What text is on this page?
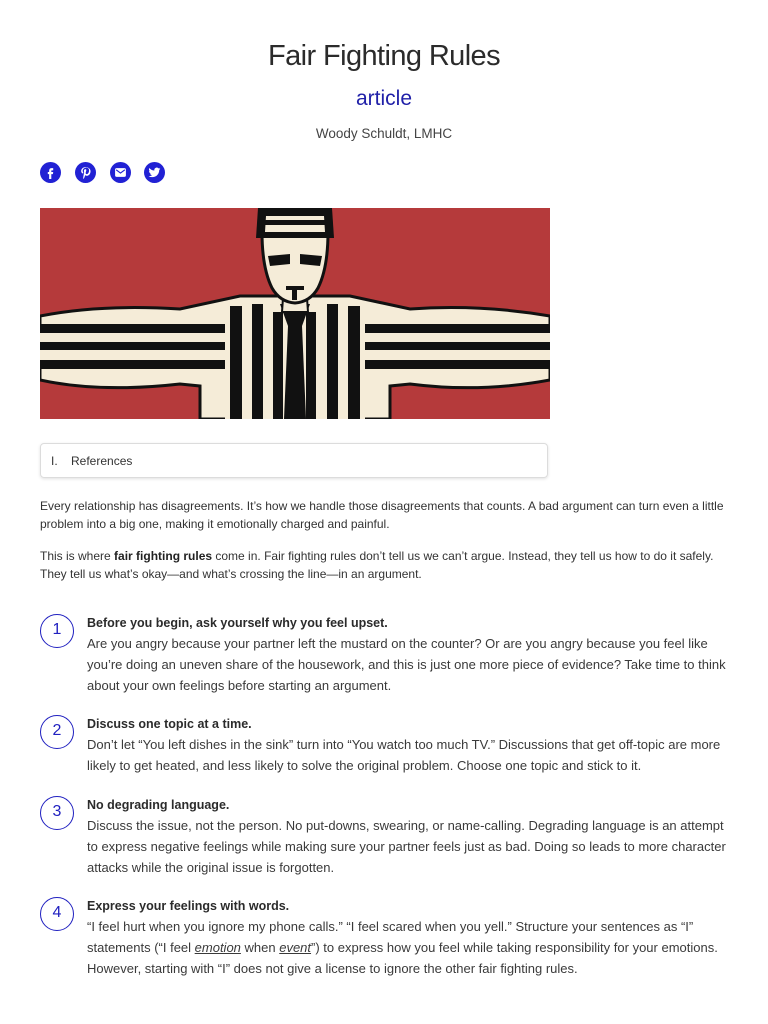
Fair Fighting Rules
article
Woody Schuldt, LMHC
I. References

Every relationship has disagreements. It’s how we handle those disagreements that counts. A bad argument can turn even a little problem into a big one, making it emotionally charged and painful.

This is where fair fighting rules come in. Fair fighting rules don’t tell us we can’t argue. Instead, they tell us how to do it safely. They tell us what’s okay—and what’s crossing the line—in an argument.

1	Before you begin, ask yourself why you feel upset.
Are you angry because your partner left the mustard on the counter? Or are you angry because you feel like you’re doing an uneven share of the housework, and this is just one more piece of evidence? Take time to think about your own feelings before starting an argument.
2	Discuss one topic at a time.
Don’t let “You left dishes in the sink” turn into “You watch too much TV.” Discussions that get off-topic are more likely to get heated, and less likely to solve the original problem. Choose one topic and stick to it.
3	No degrading language.
Discuss the issue, not the person. No put-downs, swearing, or name-calling. Degrading language is an attempt to express negative feelings while making sure your partner feels just as bad. Doing so leads to more character attacks while the original issue is forgotten.
4	Express your feelings with words.
“I feel hurt when you ignore my phone calls.” “I feel scared when you yell.” Structure your sentences as “I” statements (“I feel emotion when event”) to express how you feel while taking responsibility for your emotions. However, starting with “I” does not give a license to ignore the other fair fighting rules.
